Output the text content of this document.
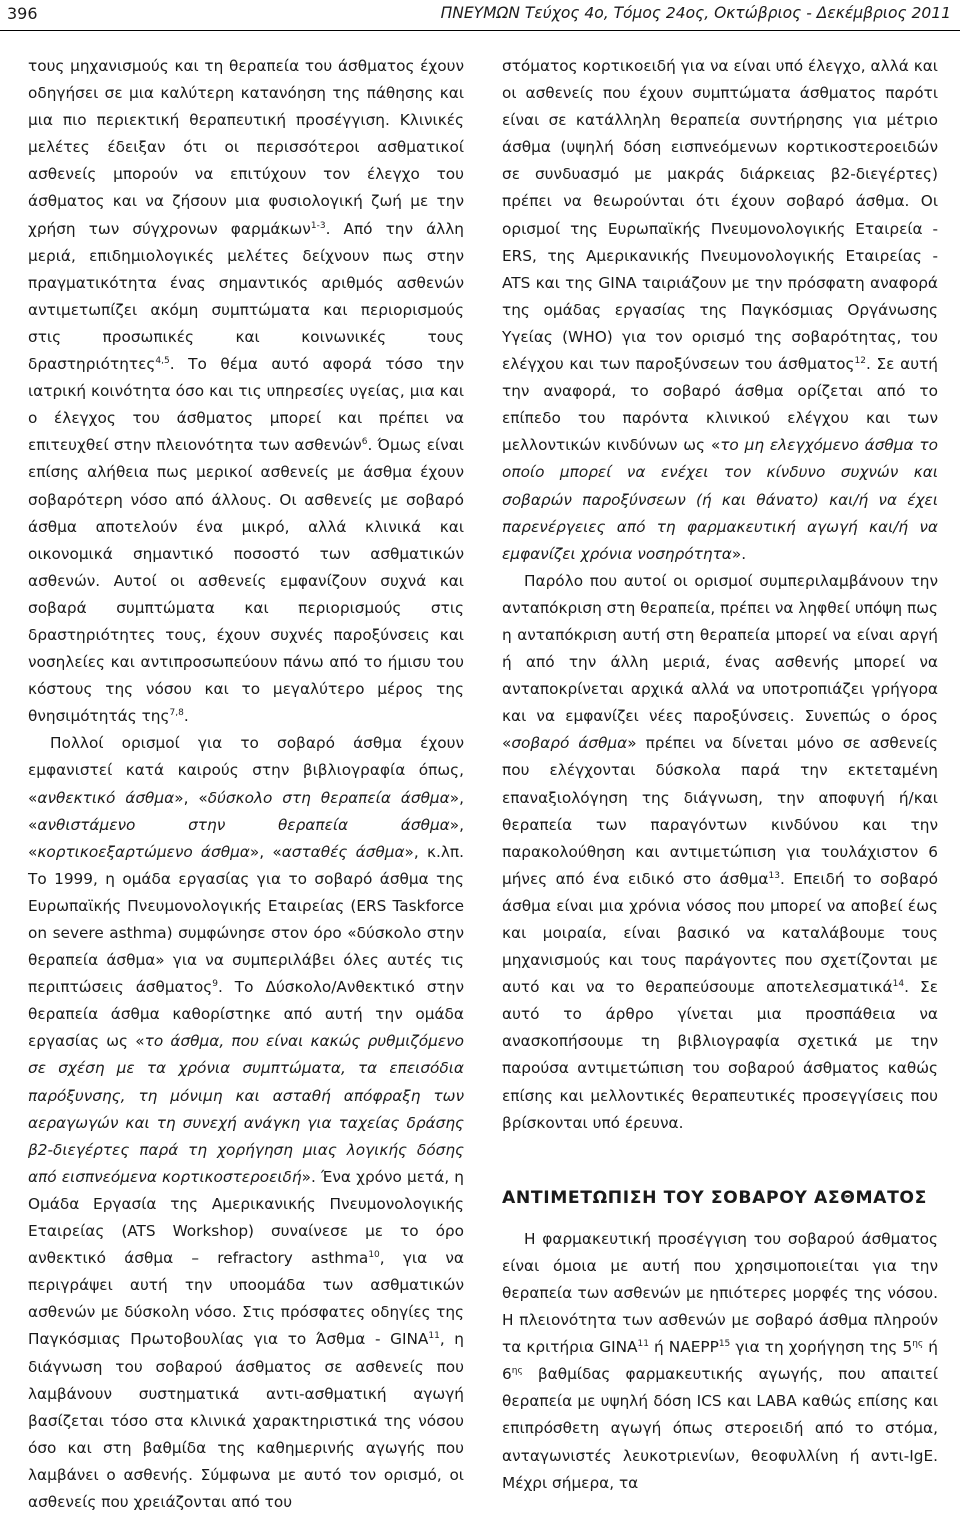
396	ΠΝΕΥΜΩΝ Τεύχος 4ο, Τόμος 24ος, Οκτώβριος - Δεκέμβριος 2011

τους μηχανισμούς και τη θεραπεία του άσθματος έχουν οδηγήσει σε μια καλύτερη κατανόηση της πάθησης και μια πιο περιεκτική θεραπευτική προσέγγιση. Κλινικές μελέτες έδειξαν ότι οι περισσότεροι ασθματικοί ασθενείς μπορούν να επιτύχουν τον έλεγχο του άσθματος και να ζήσουν μια φυσιολογική ζωή με την χρήση των σύγχρονων φαρμάκων$^{1-3}$. Από την άλλη μεριά, επιδημιολογικές μελέτες δείχνουν πως στην πραγματικότητα ένας σημαντικός αριθμός ασθενών αντιμετωπίζει ακόμη συμπτώματα και περιορισμούς στις προσωπικές και κοινωνικές τους δραστηριότητες$^{4,5}$. Το θέμα αυτό αφορά τόσο την ιατρική κοινότητα όσο και τις υπηρεσίες υγείας, μια και ο έλεγχος του άσθματος μπορεί και πρέπει να επιτευχθεί στην πλειονότητα των ασθενών$^6$. Όμως είναι επίσης αλήθεια πως μερικοί ασθενείς με άσθμα έχουν σοβαρότερη νόσο από άλλους. Οι ασθενείς με σοβαρό άσθμα αποτελούν ένα μικρό, αλλά κλινικά και οικονομικά σημαντικό ποσοστό των ασθματικών ασθενών. Αυτοί οι ασθενείς εμφανίζουν συχνά και σοβαρά συμπτώματα και περιορισμούς στις δραστηριότητες τους, έχουν συχνές παροξύνσεις και νοσηλείες και αντιπροσωπεύουν πάνω από το ήμισυ του κόστους της νόσου και το μεγαλύτερο μέρος της θνησιμότητάς της$^{7,8}$.

Πολλοί ορισμοί για το σοβαρό άσθμα έχουν εμφανιστεί κατά καιρούς στην βιβλιογραφία όπως, «ανθεκτικό άσθμα», «δύσκολο στη θεραπεία άσθμα», «ανθιστάμενο στην θεραπεία άσθμα», «κορτικοεξαρτώμενο άσθμα», «ασταθές άσθμα», κ.λπ. Το 1999, η ομάδα εργασίας για το σοβαρό άσθμα της Ευρωπαϊκής Πνευμονολογικής Εταιρείας (ERS Taskforce on severe asthma) συμφώνησε στον όρο «δύσκολο στην θεραπεία άσθμα» για να συμπεριλάβει όλες αυτές τις περιπτώσεις άσθματος$^9$. Το Δύσκολο/Ανθεκτικό στην θεραπεία άσθμα καθορίστηκε από αυτή την ομάδα εργασίας ως «το άσθμα, που είναι κακώς ρυθμιζόμενο σε σχέση με τα χρόνια συμπτώματα, τα επεισόδια παρόξυνσης, τη μόνιμη και ασταθή απόφραξη των αεραγωγών και τη συνεχή ανάγκη για ταχείας δράσης β2-διεγέρτες παρά τη χορήγηση μιας λογικής δόσης από εισπνεόμενα κορτικοστεροειδή». Ένα χρόνο μετά, η Ομάδα Εργασία της Αμερικανικής Πνευμονολογικής Εταιρείας (ATS Workshop) συναίνεσε με το όρο ανθεκτικό άσθμα – refractory asthma$^{10}$, για να περιγράψει αυτή την υποομάδα των ασθματικών ασθενών με δύσκολη νόσο. Στις πρόσφατες οδηγίες της Παγκόσμιας Πρωτοβουλίας για το Άσθμα - GINA$^{11}$, η διάγνωση του σοβαρού άσθματος σε ασθενείς που λαμβάνουν συστηματικά αντι-ασθματική αγωγή βασίζεται τόσο στα κλινικά χαρακτηριστικά της νόσου όσο και στη βαθμίδα της καθημερινής αγωγής που λαμβάνει ο ασθενής. Σύμφωνα με αυτό τον ορισμό, οι ασθενείς που χρειάζονται από του

στόματος κορτικοειδή για να είναι υπό έλεγχο, αλλά και οι ασθενείς που έχουν συμπτώματα άσθματος παρότι είναι σε κατάλληλη θεραπεία συντήρησης για μέτριο άσθμα (υψηλή δόση εισπνεόμενων κορτικοστεροειδών σε συνδυασμό με μακράς διάρκειας β2-διεγέρτες) πρέπει να θεωρούνται ότι έχουν σοβαρό άσθμα. Οι ορισμοί της Ευρωπαϊκής Πνευμονολογικής Εταιρεία - ERS, της Αμερικανικής Πνευμονολογικής Εταιρείας - ATS και της GINA ταιριάζουν με την πρόσφατη αναφορά της ομάδας εργασίας της Παγκόσμιας Οργάνωσης Υγείας (WHO) για τον ορισμό της σοβαρότητας, του ελέγχου και των παροξύνσεων του άσθματος$^{12}$. Σε αυτή την αναφορά, το σοβαρό άσθμα ορίζεται από το επίπεδο του παρόντα κλινικού ελέγχου και των μελλοντικών κινδύνων ως «το μη ελεγχόμενο άσθμα το οποίο μπορεί να ενέχει τον κίνδυνο συχνών και σοβαρών παροξύνσεων (ή και θάνατο) και/ή να έχει παρενέργειες από τη φαρμακευτική αγωγή και/ή να εμφανίζει χρόνια νοσηρότητα».

Παρόλο που αυτοί οι ορισμοί συμπεριλαμβάνουν την ανταπόκριση στη θεραπεία, πρέπει να ληφθεί υπόψη πως η ανταπόκριση αυτή στη θεραπεία μπορεί να είναι αργή ή από την άλλη μεριά, ένας ασθενής μπορεί να ανταποκρίνεται αρχικά αλλά να υποτροπιάζει γρήγορα και να εμφανίζει νέες παροξύνσεις. Συνεπώς ο όρος «σοβαρό άσθμα» πρέπει να δίνεται μόνο σε ασθενείς που ελέγχονται δύσκολα παρά την εκτεταμένη επαναξιολόγηση της διάγνωση, την αποφυγή ή/και θεραπεία των παραγόντων κινδύνου και την παρακολούθηση και αντιμετώπιση για τουλάχιστον 6 μήνες από ένα ειδικό στο άσθμα$^{13}$. Επειδή το σοβαρό άσθμα είναι μια χρόνια νόσος που μπορεί να αποβεί έως και μοιραία, είναι βασικό να καταλάβουμε τους μηχανισμούς και τους παράγοντες που σχετίζονται με αυτό και να το θεραπεύσουμε αποτελεσματικά$^{14}$. Σε αυτό το άρθρο γίνεται μια προσπάθεια να ανασκοπήσουμε τη βιβλιογραφία σχετικά με την παρούσα αντιμετώπιση του σοβαρού άσθματος καθώς επίσης και μελλοντικές θεραπευτικές προσεγγίσεις που βρίσκονται υπό έρευνα.

ΑΝΤΙΜΕΤΩΠΙΣΗ ΤΟΥ ΣΟΒΑΡΟΥ ΑΣΘΜΑΤΟΣ

Η φαρμακευτική προσέγγιση του σοβαρού άσθματος είναι όμοια με αυτή που χρησιμοποιείται για την θεραπεία των ασθενών με ηπιότερες μορφές της νόσου. Η πλειονότητα των ασθενών με σοβαρό άσθμα πληρούν τα κριτήρια GINA$^{11}$ ή NAEPP$^{15}$ για τη χορήγηση της $5^{\eta\varsigma}$ ή $6^{\eta\varsigma}$ βαθμίδας φαρμακευτικής αγωγής, που απαιτεί θεραπεία με υψηλή δόση ICS και LABA καθώς επίσης και επιπρόσθετη αγωγή όπως στεροειδή από το στόμα, ανταγωνιστές λευκοτριενίων, θεοφυλλίνη ή αντι-IgE. Μέχρι σήμερα, τα
